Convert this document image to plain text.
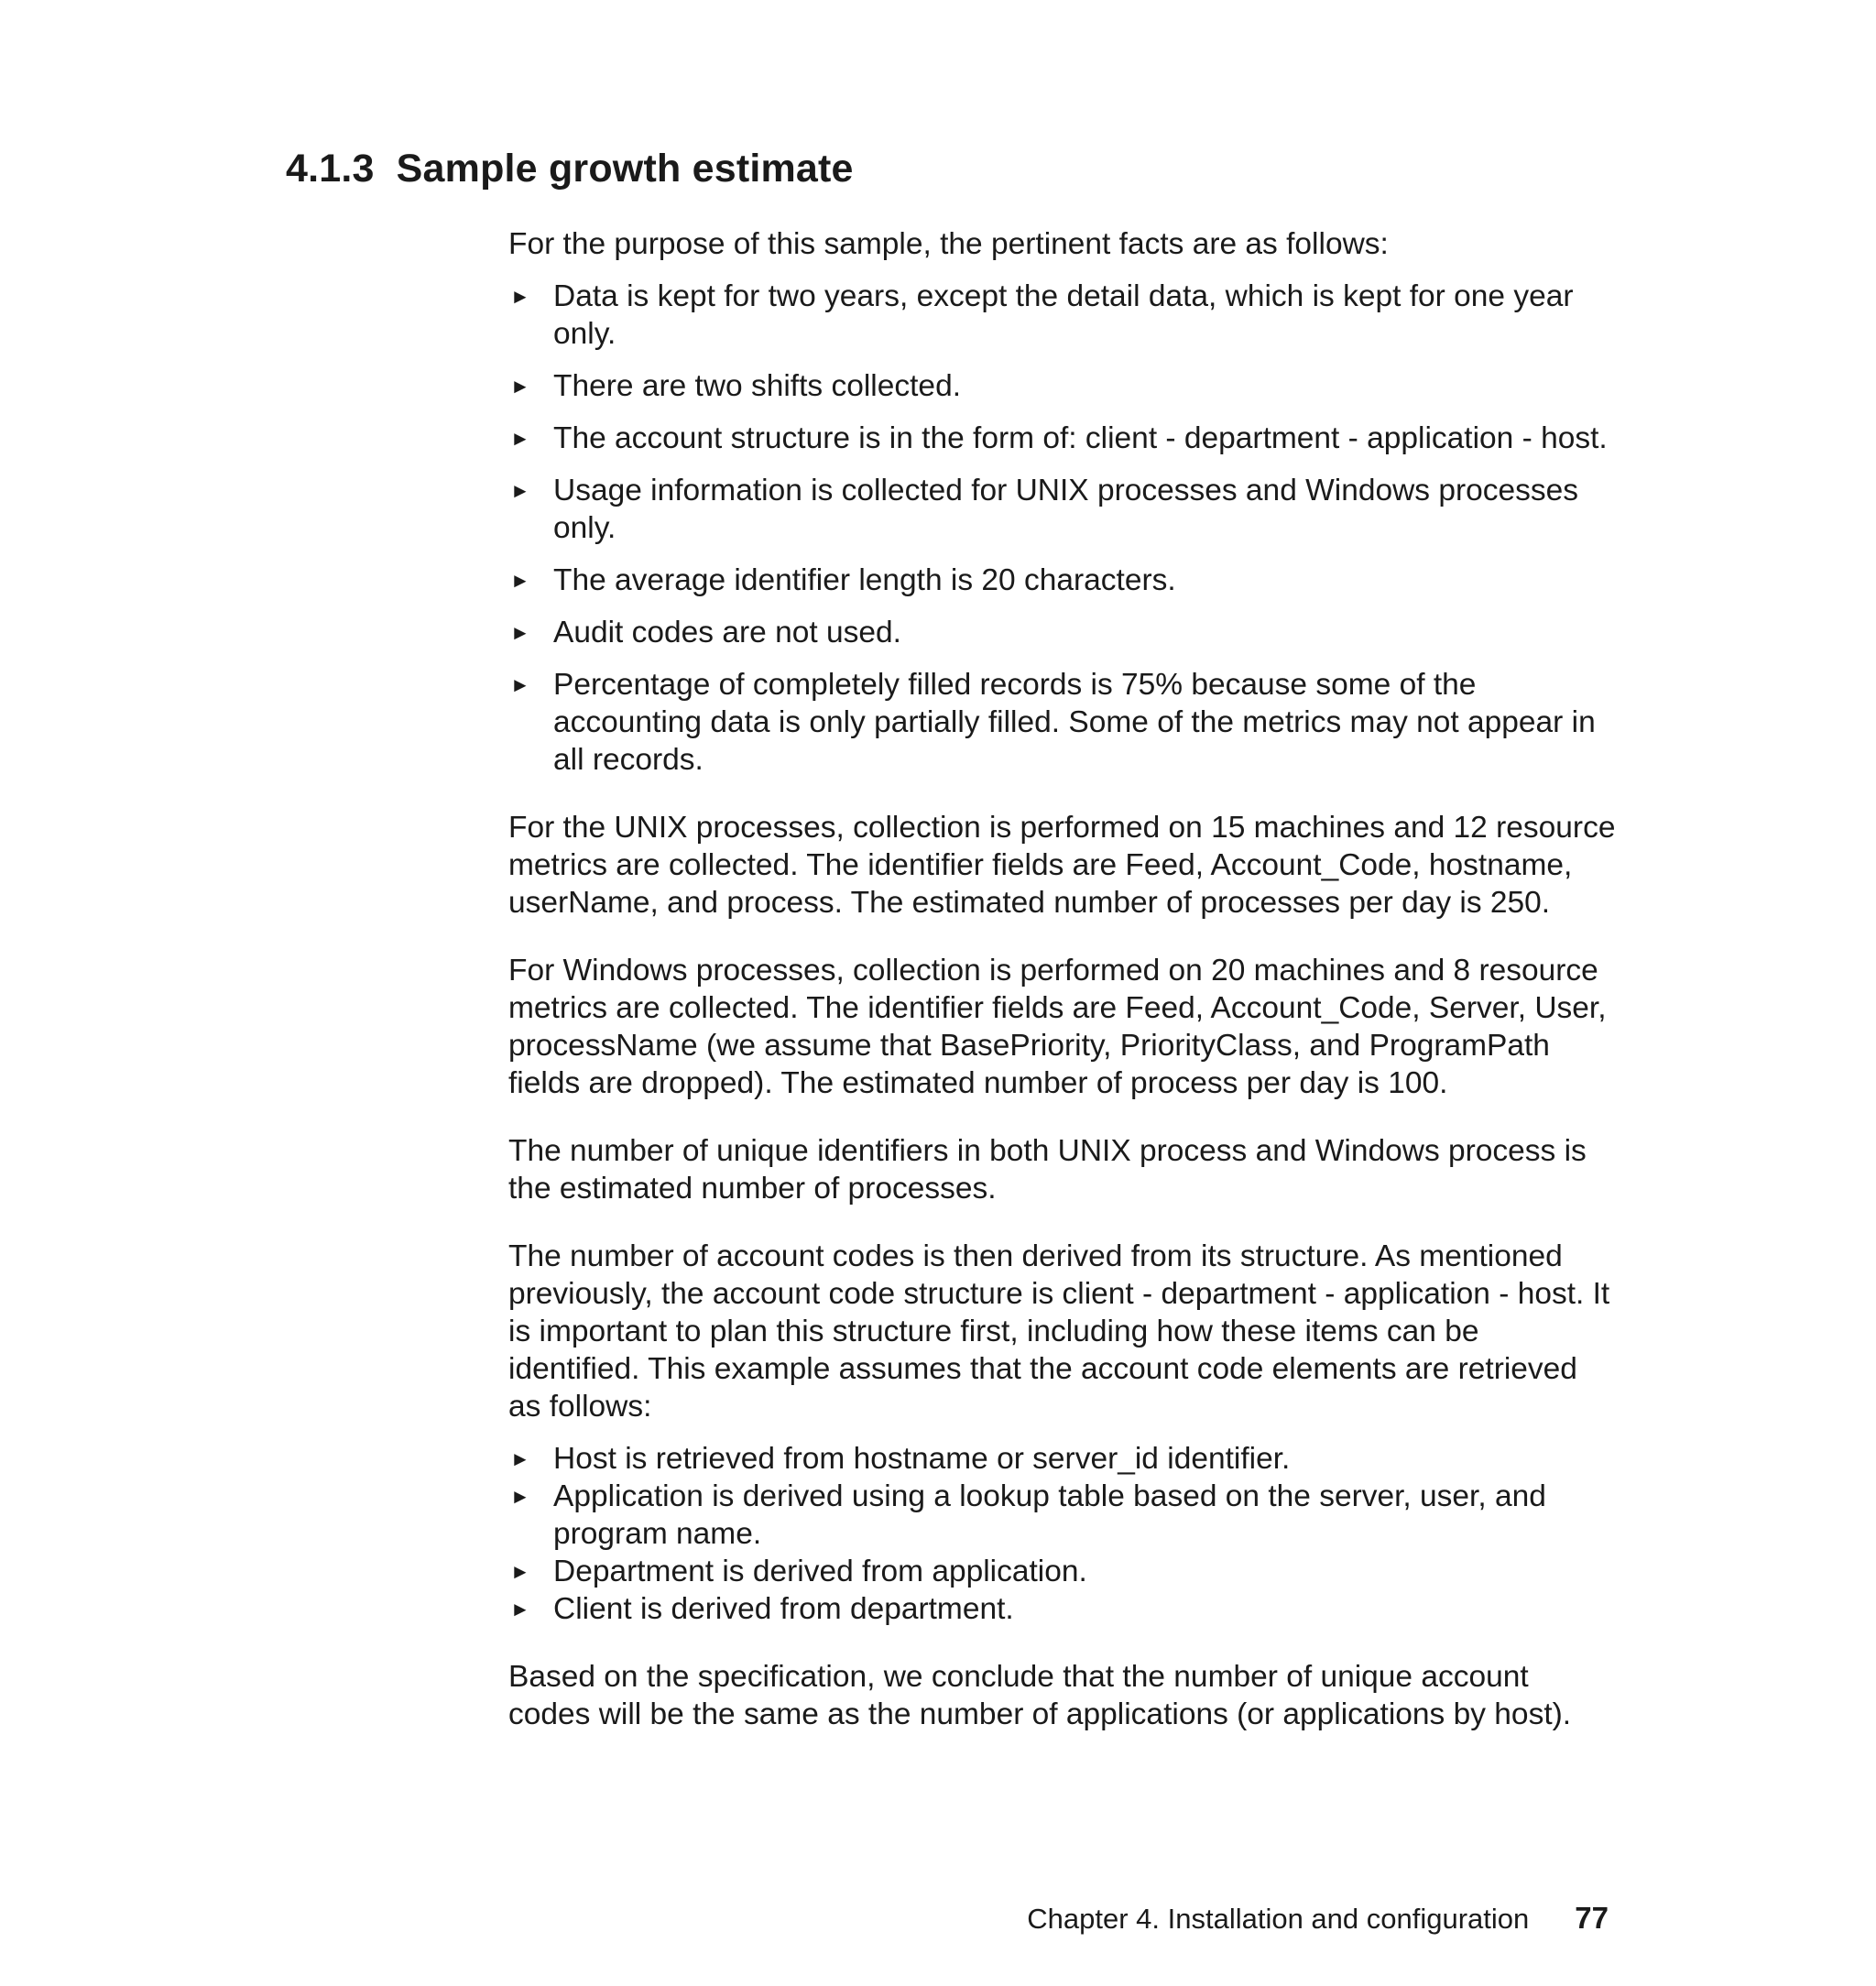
4.1.3 Sample growth estimate

For the purpose of this sample, the pertinent facts are as follows:

► Data is kept for two years, except the detail data, which is kept for one year only.
► There are two shifts collected.
► The account structure is in the form of: client - department - application - host.
► Usage information is collected for UNIX processes and Windows processes only.
► The average identifier length is 20 characters.
► Audit codes are not used.
► Percentage of completely filled records is 75% because some of the accounting data is only partially filled. Some of the metrics may not appear in all records.

For the UNIX processes, collection is performed on 15 machines and 12 resource metrics are collected. The identifier fields are Feed, Account_Code, hostname, userName, and process. The estimated number of processes per day is 250.

For Windows processes, collection is performed on 20 machines and 8 resource metrics are collected. The identifier fields are Feed, Account_Code, Server, User, processName (we assume that BasePriority, PriorityClass, and ProgramPath fields are dropped). The estimated number of process per day is 100.

The number of unique identifiers in both UNIX process and Windows process is the estimated number of processes.

The number of account codes is then derived from its structure. As mentioned previously, the account code structure is client - department - application - host. It is important to plan this structure first, including how these items can be identified. This example assumes that the account code elements are retrieved as follows:

► Host is retrieved from hostname or server_id identifier.
► Application is derived using a lookup table based on the server, user, and program name.
► Department is derived from application.
► Client is derived from department.

Based on the specification, we conclude that the number of unique account codes will be the same as the number of applications (or applications by host).

Chapter 4. Installation and configuration 77
